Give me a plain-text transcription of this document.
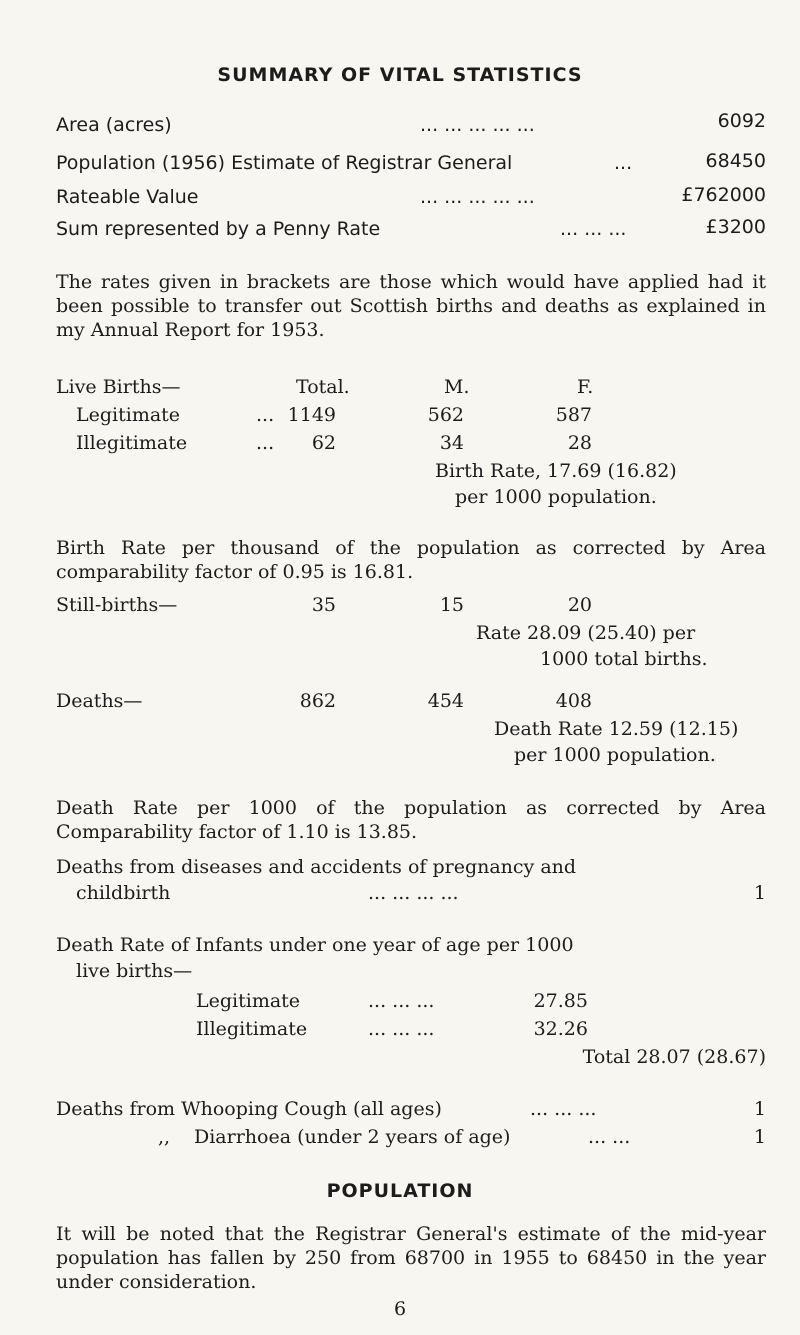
SUMMARY OF VITAL STATISTICS
Area (acres)	... ... ... ... ...	6092
Population (1956) Estimate of Registrar General	...	68450
Rateable Value	... ... ... ... ...	£762000
Sum represented by a Penny Rate	... ... ...	£3200
The rates given in brackets are those which would have applied had it been possible to transfer out Scottish births and deaths as explained in my Annual Report for 1953.
Live Births—	Total.	M.	F.
Legitimate	... 1149	562	587
Illegitimate	...	62	34	28
Birth Rate, 17.69 (16.82)
per 1000 population.
Birth Rate per thousand of the population as corrected by Area comparability factor of 0.95 is 16.81.
Still-births—	35	15	20
Rate 28.09 (25.40) per
1000 total births.
Deaths—	862	454	408
Death Rate 12.59 (12.15)
per 1000 population.
Death Rate per 1000 of the population as corrected by Area Comparability factor of 1.10 is 13.85.
Deaths from diseases and accidents of pregnancy and
childbirth	... ... ... ...	1
Death Rate of Infants under one year of age per 1000
live births—
Legitimate	... ... ...	27.85
Illegitimate	... ... ...	32.26
Total 28.07 (28.67)
Deaths from Whooping Cough (all ages)	... ... ...	1
,, Diarrhoea (under 2 years of age)	... ...	1
POPULATION
It will be noted that the Registrar General's estimate of the mid-year population has fallen by 250 from 68700 in 1955 to 68450 in the year under consideration.
6
